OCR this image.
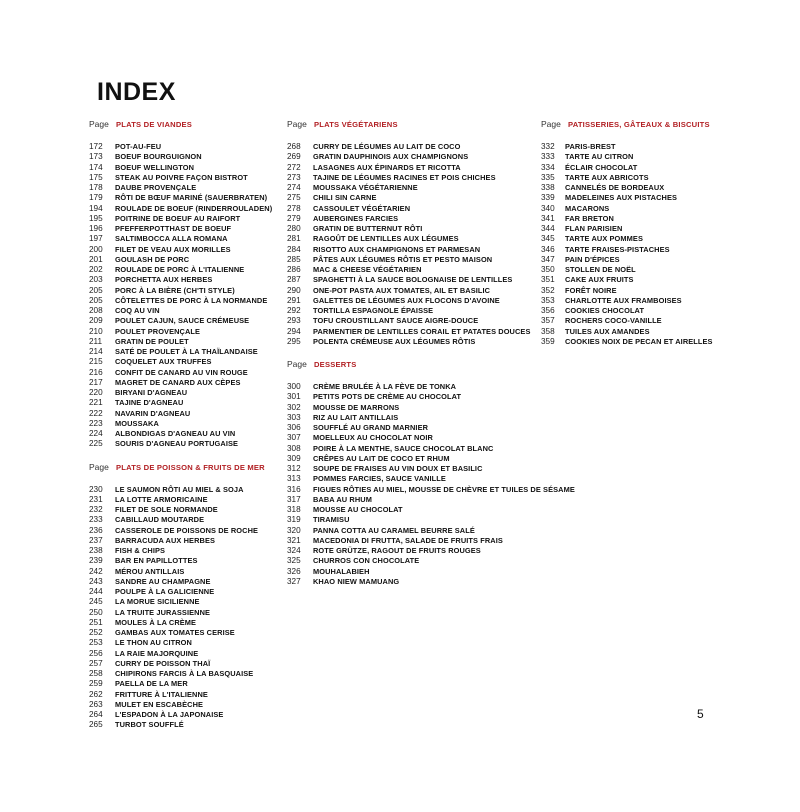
INDEX
Page PLATS DE VIANDES
172	POT-AU-FEU
173	BOEUF BOURGUIGNON
174	BOEUF WELLINGTON
175	STEAK AU POIVRE FAÇON BISTROT
178	DAUBE PROVENÇALE
179	RÔTI DE BŒUF MARINÉ (SAUERBRATEN)
194	ROULADE DE BOEUF (RINDERROULADEN)
195	POITRINE DE BOEUF AU RAIFORT
196	PFEFFERPOTTHAST DE BOEUF
197	SALTIMBOCCA ALLA ROMANA
200	FILET DE VEAU AUX MORILLES
201	GOULASH DE PORC
202	ROULADE DE PORC À L'ITALIENNE
203	PORCHETTA AUX HERBES
205	PORC À LA BIÈRE (CH'TI STYLE)
205	CÔTELETTES DE PORC À LA NORMANDE
208	COQ AU VIN
209	POULET CAJUN, SAUCE CRÉMEUSE
210	POULET PROVENÇALE
211	GRATIN DE POULET
214	SATÉ DE POULET À LA THAÏLANDAISE
215	COQUELET AUX TRUFFES
216	CONFIT DE CANARD AU VIN ROUGE
217	MAGRET DE CANARD AUX CÈPES
220	BIRYANI D'AGNEAU
221	TAJINE D'AGNEAU
222	NAVARIN D'AGNEAU
223	MOUSSAKA
224	ALBONDIGAS D'AGNEAU AU VIN
225	SOURIS D'AGNEAU PORTUGAISE
Page PLATS DE POISSON & FRUITS DE MER
230	LE SAUMON RÔTI AU MIEL & SOJA
231	LA LOTTE ARMORICAINE
232	FILET DE SOLE NORMANDE
233	CABILLAUD MOUTARDE
236	CASSEROLE DE POISSONS DE ROCHE
237	BARRACUDA AUX HERBES
238	FISH & CHIPS
239	BAR EN PAPILLOTTES
242	MÉROU ANTILLAIS
243	SANDRE AU CHAMPAGNE
244	POULPE À LA GALICIENNE
245	LA MORUE SICILIENNE
250	LA TRUITE JURASSIENNE
251	MOULES À LA CRÈME
252	GAMBAS AUX TOMATES CERISE
253	LE THON AU CITRON
256	LA RAIE MAJORQUINE
257	CURRY DE POISSON THAÏ
258	CHIPIRONS FARCIS À LA BASQUAISE
259	PAELLA DE LA MER
262	FRITTURE À L'ITALIENNE
263	MULET EN ESCABÈCHE
264	L'ESPADON À LA JAPONAISE
265	TURBOT SOUFFLÉ
Page PLATS VÉGÉTARIENS
268	CURRY DE LÉGUMES AU LAIT DE COCO
269	GRATIN DAUPHINOIS AUX CHAMPIGNONS
272	LASAGNES AUX ÉPINARDS ET RICOTTA
273	TAJINE DE LÉGUMES RACINES ET POIS CHICHES
274	MOUSSAKA VÉGÉTARIENNE
275	CHILI SIN CARNE
278	CASSOULET VÉGÉTARIEN
279	AUBERGINES FARCIES
280	GRATIN DE BUTTERNUT RÔTI
281	RAGOÛT DE LENTILLES AUX LÉGUMES
284	RISOTTO AUX CHAMPIGNONS ET PARMESAN
285	PÂTES AUX LÉGUMES RÔTIS ET PESTO MAISON
286	MAC & CHEESE VÉGÉTARIEN
287	SPAGHETTI À LA SAUCE BOLOGNAISE DE LENTILLES
290	ONE-POT PASTA AUX TOMATES, AIL ET BASILIC
291	GALETTES DE LÉGUMES AUX FLOCONS D'AVOINE
292	TORTILLA ESPAGNOLE ÉPAISSE
293	TOFU CROUSTILLANT SAUCE AIGRE-DOUCE
294	PARMENTIER DE LENTILLES CORAIL ET PATATES DOUCES
295	POLENTA CRÉMEUSE AUX LÉGUMES RÔTIS
Page DESSERTS
300	CRÈME BRULÉE À LA FÈVE DE TONKA
301	PETITS POTS DE CRÈME AU CHOCOLAT
302	MOUSSE DE MARRONS
303	RIZ AU LAIT ANTILLAIS
306	SOUFFLÉ AU GRAND MARNIER
307	MOELLEUX AU CHOCOLAT NOIR
308	POIRE À LA MENTHE, SAUCE CHOCOLAT BLANC
309	CRÊPES AU LAIT DE COCO ET RHUM
312	SOUPE DE FRAISES AU VIN DOUX ET BASILIC
313	POMMES FARCIES, SAUCE VANILLE
316	FIGUES RÔTIES AU MIEL, MOUSSE DE CHÈVRE ET TUILES DE SÉSAME
317	BABA AU RHUM
318	MOUSSE AU CHOCOLAT
319	TIRAMISU
320	PANNA COTTA AU CARAMEL BEURRE SALÉ
321	MACEDONIA DI FRUTTA, SALADE DE FRUITS FRAIS
324	ROTE GRÜTZE, RAGOUT DE FRUITS ROUGES
325	CHURROS CON CHOCOLATE
326	MOUHALABIEH
327	KHAO NIEW MAMUANG
Page PATISSERIES, GÂTEAUX & BISCUITS
332	PARIS-BREST
333	TARTE AU CITRON
334	ÉCLAIR CHOCOLAT
335	TARTE AUX ABRICOTS
338	CANNELÉS DE BORDEAUX
339	MADELEINES AUX PISTACHES
340	MACARONS
341	FAR BRETON
344	FLAN PARISIEN
345	TARTE AUX POMMES
346	TARTE FRAISES-PISTACHES
347	PAIN D'ÉPICES
350	STOLLEN DE NOËL
351	CAKE AUX FRUITS
352	FORÊT NOIRE
353	CHARLOTTE AUX FRAMBOISES
356	COOKIES CHOCOLAT
357	ROCHERS COCO-VANILLE
358	TUILES AUX AMANDES
359	COOKIES NOIX DE PECAN ET AIRELLES
5
